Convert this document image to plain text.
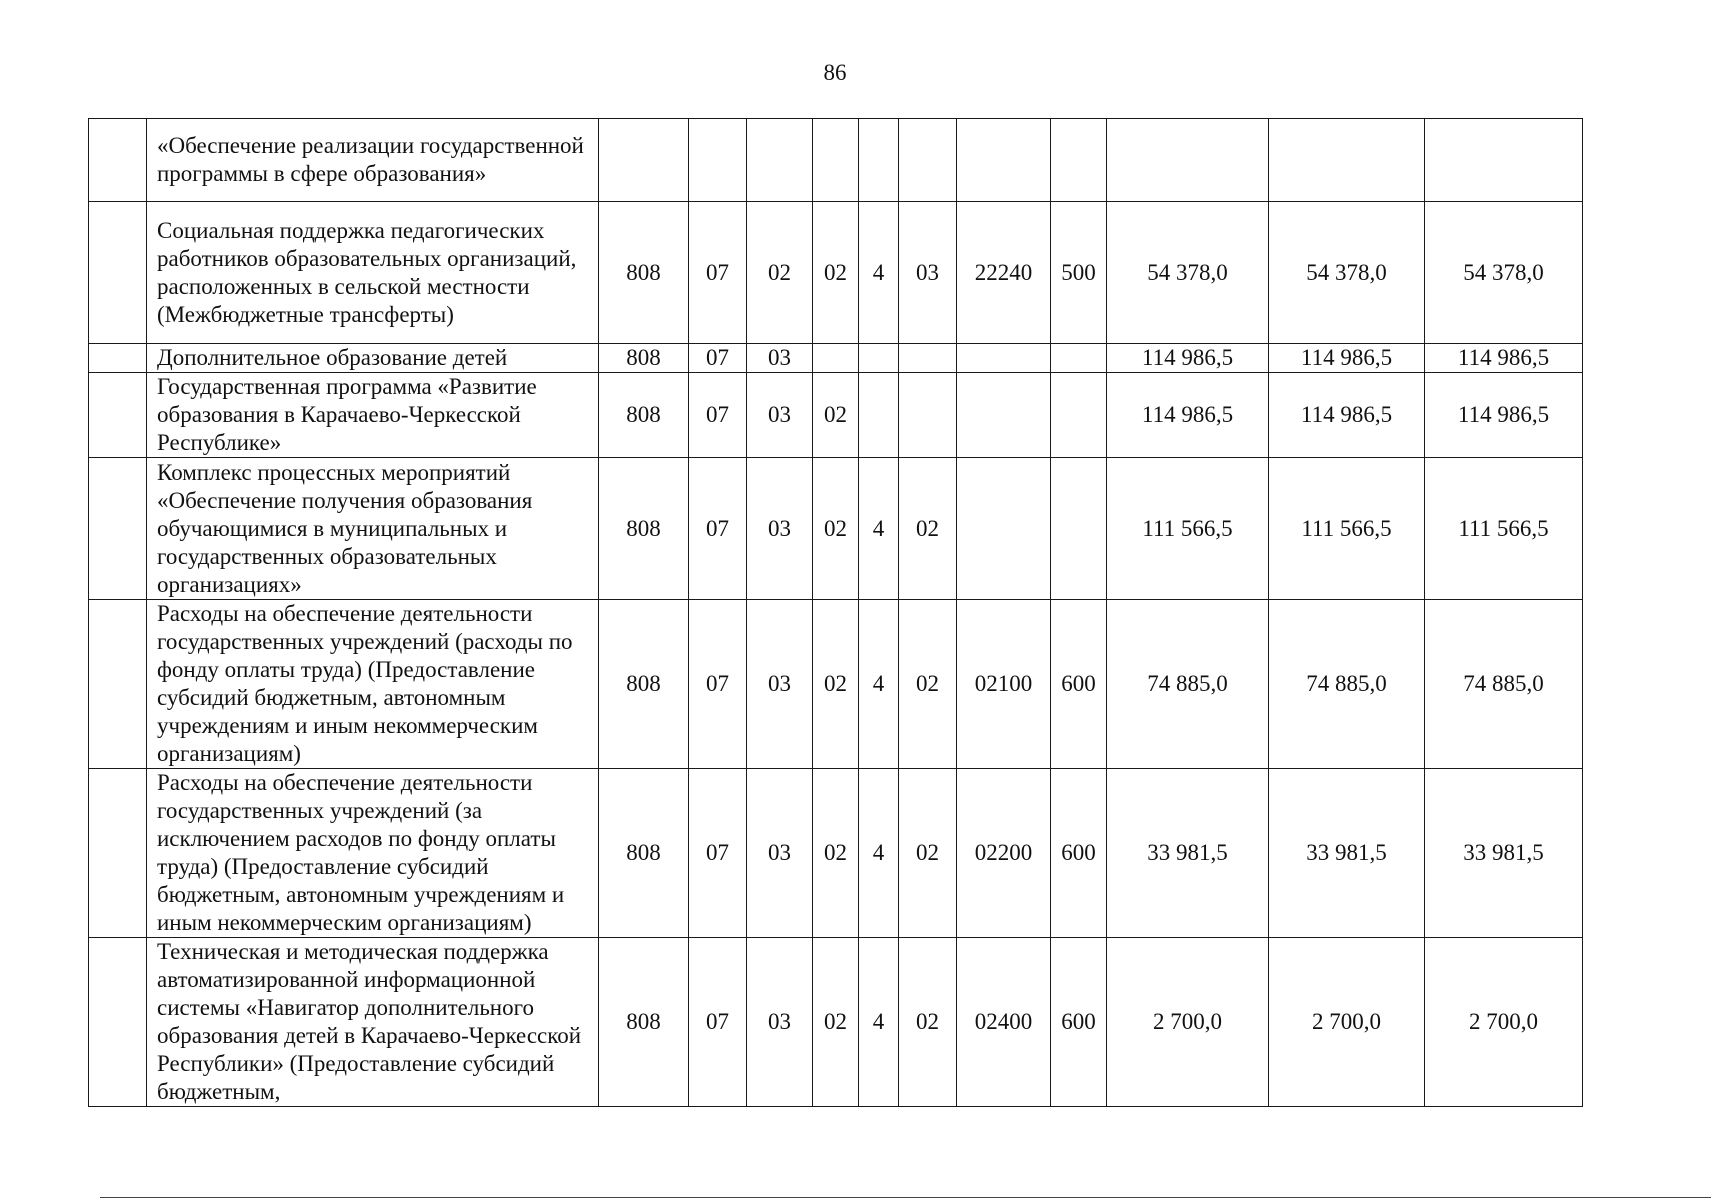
86
	«Обеспечение реализации государственной программы в сфере образования»											
	Социальная поддержка педагогических работников образовательных организаций, расположенных в сельской местности (Межбюджетные трансферты)	808	07	02	02	4	03	22240	500	54 378,0	54 378,0	54 378,0
	Дополнительное образование детей	808	07	03						114 986,5	114 986,5	114 986,5
	Государственная программа «Развитие образования в Карачаево-Черкесской Республике»	808	07	03	02					114 986,5	114 986,5	114 986,5
	Комплекс процессных мероприятий «Обеспечение получения образования обучающимися в муниципальных и государственных образовательных организациях»	808	07	03	02	4	02			111 566,5	111 566,5	111 566,5
	Расходы на обеспечение деятельности государственных учреждений (расходы по фонду оплаты труда) (Предоставление субсидий бюджетным, автономным учреждениям и иным некоммерческим организациям)	808	07	03	02	4	02	02100	600	74 885,0	74 885,0	74 885,0
	Расходы на обеспечение деятельности государственных учреждений (за исключением расходов по фонду оплаты труда) (Предоставление субсидий бюджетным, автономным учреждениям и иным некоммерческим организациям)	808	07	03	02	4	02	02200	600	33 981,5	33 981,5	33 981,5
	Техническая и методическая поддержка автоматизированной информационной системы «Навигатор дополнительного образования детей в Карачаево-Черкесской Республики» (Предоставление субсидий бюджетным,	808	07	03	02	4	02	02400	600	2 700,0	2 700,0	2 700,0
